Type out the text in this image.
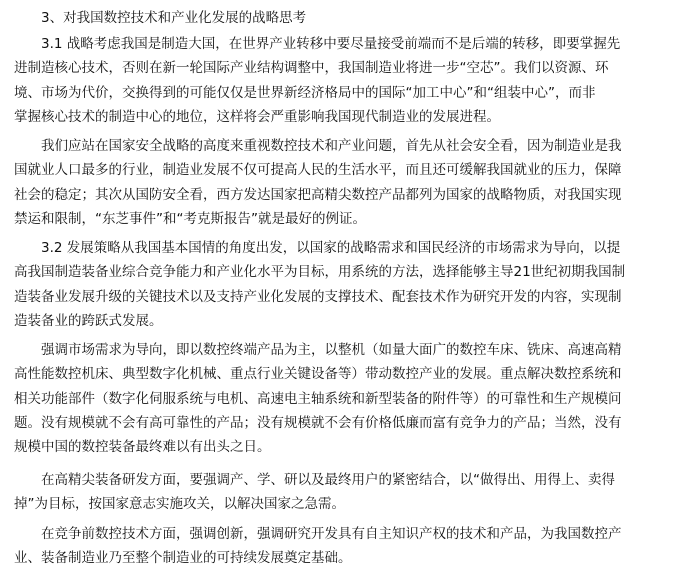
3、对我国数控技术和产业化发展的战略思考
3.1 战略考虑我国是制造大国，在世界产业转移中要尽量接受前端而不是后端的转移，即要掌握先
进制造核心技术，否则在新一轮国际产业结构调整中，我国制造业将进一步“空芯”。我们以资源、环
境、市场为代价，交换得到的可能仅仅是世界新经济格局中的国际“加工中心”和“组装中心”，而非
掌握核心技术的制造中心的地位，这样将会严重影响我国现代制造业的发展进程。
我们应站在国家安全战略的高度来重视数控技术和产业问题，首先从社会安全看，因为制造业是我
国就业人口最多的行业，制造业发展不仅可提高人民的生活水平，而且还可缓解我国就业的压力，保障
社会的稳定；其次从国防安全看，西方发达国家把高精尖数控产品都列为国家的战略物质，对我国实现
禁运和限制，“东芝事件”和“考克斯报告”就是最好的例证。
3.2 发展策略从我国基本国情的角度出发，以国家的战略需求和国民经济的市场需求为导向，以提
高我国制造装备业综合竞争能力和产业化水平为目标，用系统的方法，选择能够主导21世纪初期我国制
造装备业发展升级的关键技术以及支持产业化发展的支撑技术、配套技术作为研究开发的内容，实现制
造装备业的跨跃式发展。
强调市场需求为导向，即以数控终端产品为主，以整机（如量大面广的数控车床、铣床、高速高精
高性能数控机床、典型数字化机械、重点行业关键设备等）带动数控产业的发展。重点解决数控系统和
相关功能部件（数字化伺服系统与电机、高速电主轴系统和新型装备的附件等）的可靠性和生产规模问
题。没有规模就不会有高可靠性的产品；没有规模就不会有价格低廉而富有竞争力的产品；当然，没有
规模中国的数控装备最终难以有出头之日。
在高精尖装备研发方面，要强调产、学、研以及最终用户的紧密结合，以“做得出、用得上、卖得
掉”为目标，按国家意志实施攻关，以解决国家之急需。
在竞争前数控技术方面，强调创新，强调研究开发具有自主知识产权的技术和产品，为我国数控产
业、装备制造业乃至整个制造业的可持续发展奠定基础。
